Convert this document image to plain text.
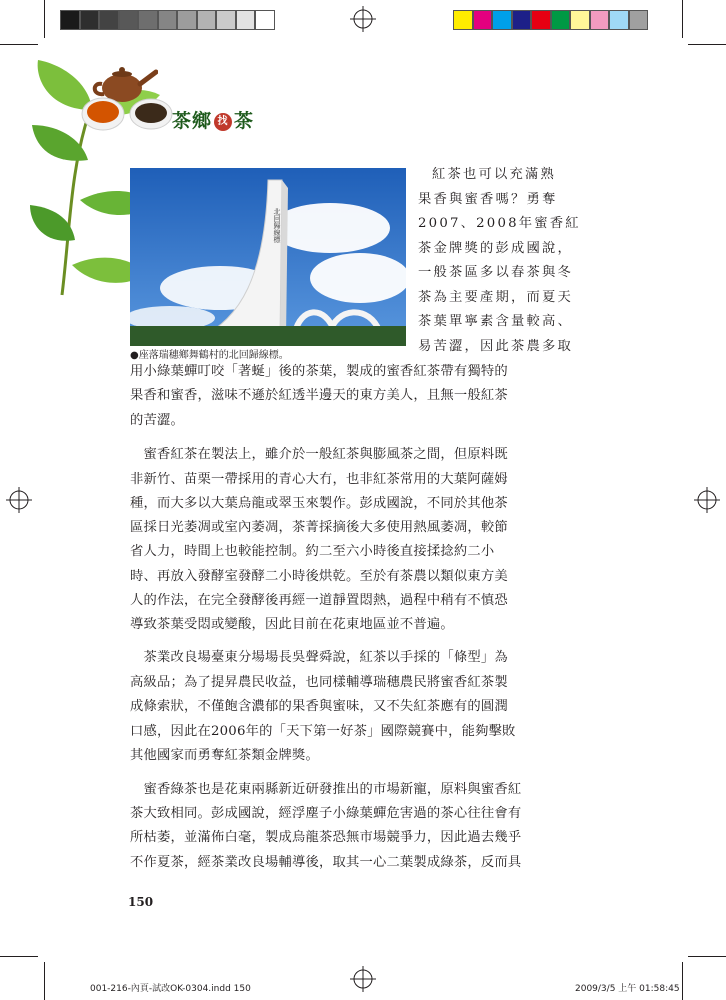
茶鄉 找 茶
北回歸線標
●座落瑞穗鄉舞鶴村的北回歸線標。
紅茶也可以充滿熟
果香與蜜香嗎？勇奪
2007、2008年蜜香紅
茶金牌獎的彭成國說，
一般茶區多以春茶與冬
茶為主要產期，而夏天
茶葉單寧素含量較高、
易苦澀，因此茶農多取
用小綠葉蟬叮咬「著蜒」後的茶葉，製成的蜜香紅茶帶有獨特的
果香和蜜香，滋味不遜於紅透半邊天的東方美人，且無一般紅茶
的苦澀。
　蜜香紅茶在製法上，雖介於一般紅茶與膨風茶之間，但原料既
非新竹、苗栗一帶採用的青心大冇，也非紅茶常用的大葉阿薩姆
種，而大多以大葉烏龍或翠玉來製作。彭成國說，不同於其他茶
區採日光萎凋或室內萎凋，茶菁採摘後大多使用熱風萎凋，較節
省人力，時間上也較能控制。約二至六小時後直接揉捻約二小
時、再放入發酵室發酵二小時後烘乾。至於有茶農以類似東方美
人的作法，在完全發酵後再經一道靜置悶熱，過程中稍有不慎恐
導致茶葉受悶或變酸，因此目前在花東地區並不普遍。
　茶業改良場臺東分場場長吳聲舜說，紅茶以手採的「條型」為
高級品；為了提昇農民收益，也同樣輔導瑞穗農民將蜜香紅茶製
成條索狀，不僅飽含濃郁的果香與蜜味，又不失紅茶應有的圓潤
口感，因此在2006年的「天下第一好茶」國際競賽中，能夠擊敗
其他國家而勇奪紅茶類金牌獎。
　蜜香綠茶也是花東兩縣新近研發推出的市場新寵，原料與蜜香紅
茶大致相同。彭成國說，經浮塵子小綠葉蟬危害過的茶心往往會有
所枯萎，並滿佈白毫，製成烏龍茶恐無市場競爭力，因此過去幾乎
不作夏茶，經茶業改良場輔導後，取其一心二葉製成綠茶，反而具
150
001-216-內頁-試改OK-0304.indd 150	2009/3/5 上午 01:58:45
